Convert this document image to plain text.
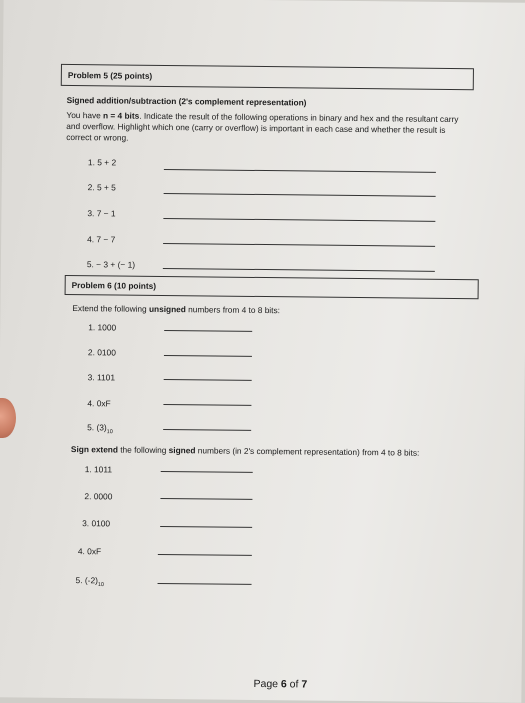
Problem 5 (25 points)
Signed addition/subtraction (2's complement representation)
You have n = 4 bits. Indicate the result of the following operations in binary and hex and the resultant carry and overflow. Highlight which one (carry or overflow) is important in each case and whether the result is correct or wrong.
1. 5 + 2
2. 5 + 5
3. 7 − 1
4. 7 − 7
5. − 3 + (− 1)
Problem 6 (10 points)
Extend the following unsigned numbers from 4 to 8 bits:
1. 1000
2. 0100
3. 1101
4. 0xF
5. $(3)_{10}$
Sign extend the following signed numbers (in 2's complement representation) from 4 to 8 bits:
1. 1011
2. 0000
3. 0100
4. 0xF
5. $(-2)_{10}$
Page 6 of 7
